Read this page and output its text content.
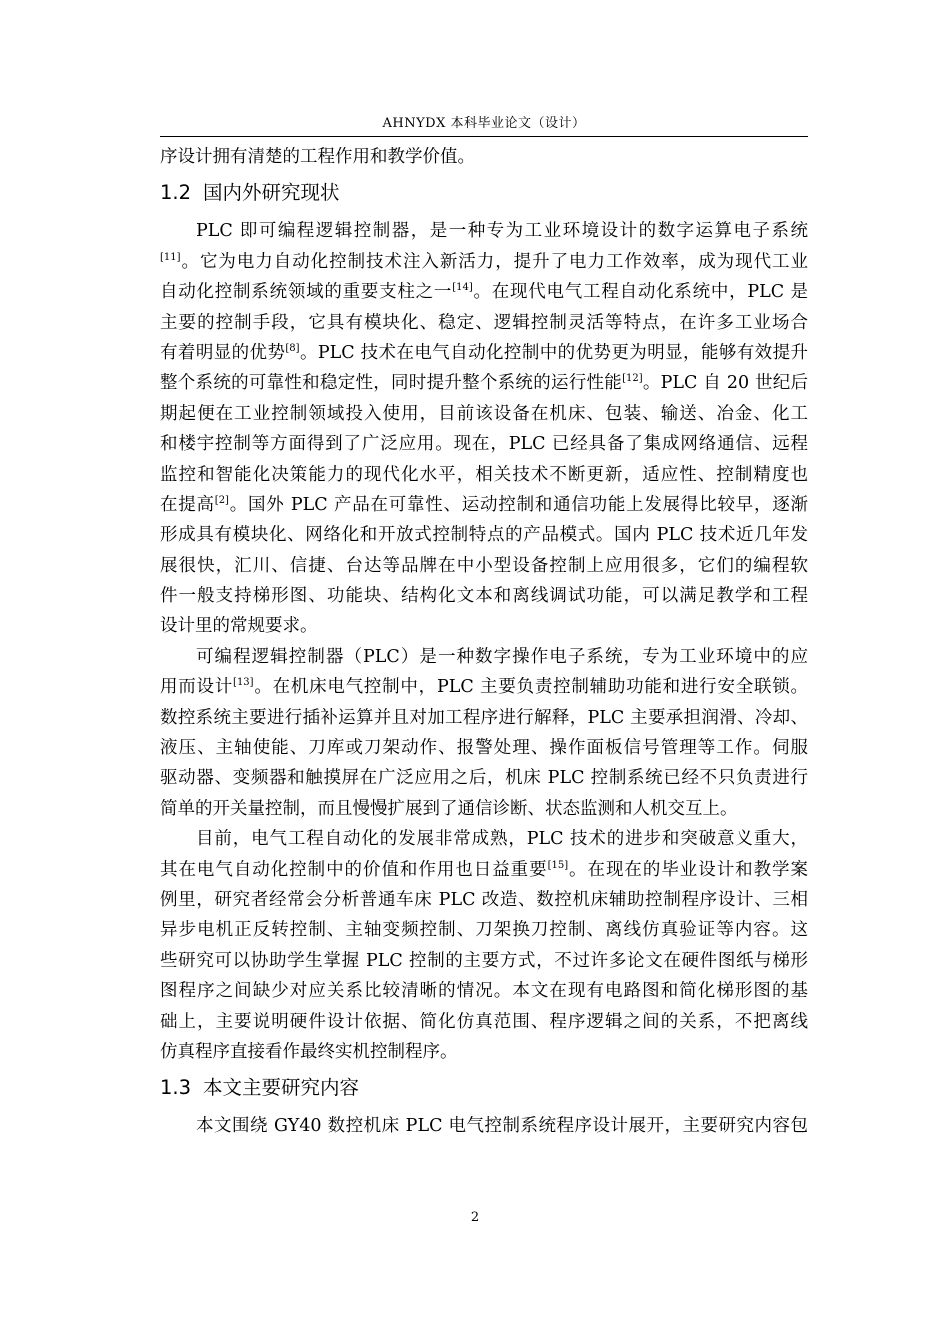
AHNYDX 本科毕业论文（设计）
序设计拥有清楚的工程作用和教学价值。
1.2 国内外研究现状
PLC 即可编程逻辑控制器，是一种专为工业环境设计的数字运算电子系统
[11]。它为电力自动化控制技术注入新活力，提升了电力工作效率，成为现代工业
自动化控制系统领域的重要支柱之一[14]。在现代电气工程自动化系统中，PLC 是
主要的控制手段，它具有模块化、稳定、逻辑控制灵活等特点，在许多工业场合
有着明显的优势[8]。PLC 技术在电气自动化控制中的优势更为明显，能够有效提升
整个系统的可靠性和稳定性，同时提升整个系统的运行性能[12]。PLC 自 20 世纪后
期起便在工业控制领域投入使用，目前该设备在机床、包装、输送、冶金、化工
和楼宇控制等方面得到了广泛应用。现在，PLC 已经具备了集成网络通信、远程
监控和智能化决策能力的现代化水平，相关技术不断更新，适应性、控制精度也
在提高[2]。国外 PLC 产品在可靠性、运动控制和通信功能上发展得比较早，逐渐
形成具有模块化、网络化和开放式控制特点的产品模式。国内 PLC 技术近几年发
展很快，汇川、信捷、台达等品牌在中小型设备控制上应用很多，它们的编程软
件一般支持梯形图、功能块、结构化文本和离线调试功能，可以满足教学和工程
设计里的常规要求。
可编程逻辑控制器（PLC）是一种数字操作电子系统，专为工业环境中的应
用而设计[13]。在机床电气控制中，PLC 主要负责控制辅助功能和进行安全联锁。
数控系统主要进行插补运算并且对加工程序进行解释，PLC 主要承担润滑、冷却、
液压、主轴使能、刀库或刀架动作、报警处理、操作面板信号管理等工作。伺服
驱动器、变频器和触摸屏在广泛应用之后，机床 PLC 控制系统已经不只负责进行
简单的开关量控制，而且慢慢扩展到了通信诊断、状态监测和人机交互上。
目前，电气工程自动化的发展非常成熟，PLC 技术的进步和突破意义重大，
其在电气自动化控制中的价值和作用也日益重要[15]。在现在的毕业设计和教学案
例里，研究者经常会分析普通车床 PLC 改造、数控机床辅助控制程序设计、三相
异步电机正反转控制、主轴变频控制、刀架换刀控制、离线仿真验证等内容。这
些研究可以协助学生掌握 PLC 控制的主要方式，不过许多论文在硬件图纸与梯形
图程序之间缺少对应关系比较清晰的情况。本文在现有电路图和简化梯形图的基
础上，主要说明硬件设计依据、简化仿真范围、程序逻辑之间的关系，不把离线
仿真程序直接看作最终实机控制程序。
1.3 本文主要研究内容
本文围绕 GY40 数控机床 PLC 电气控制系统程序设计展开，主要研究内容包
2
